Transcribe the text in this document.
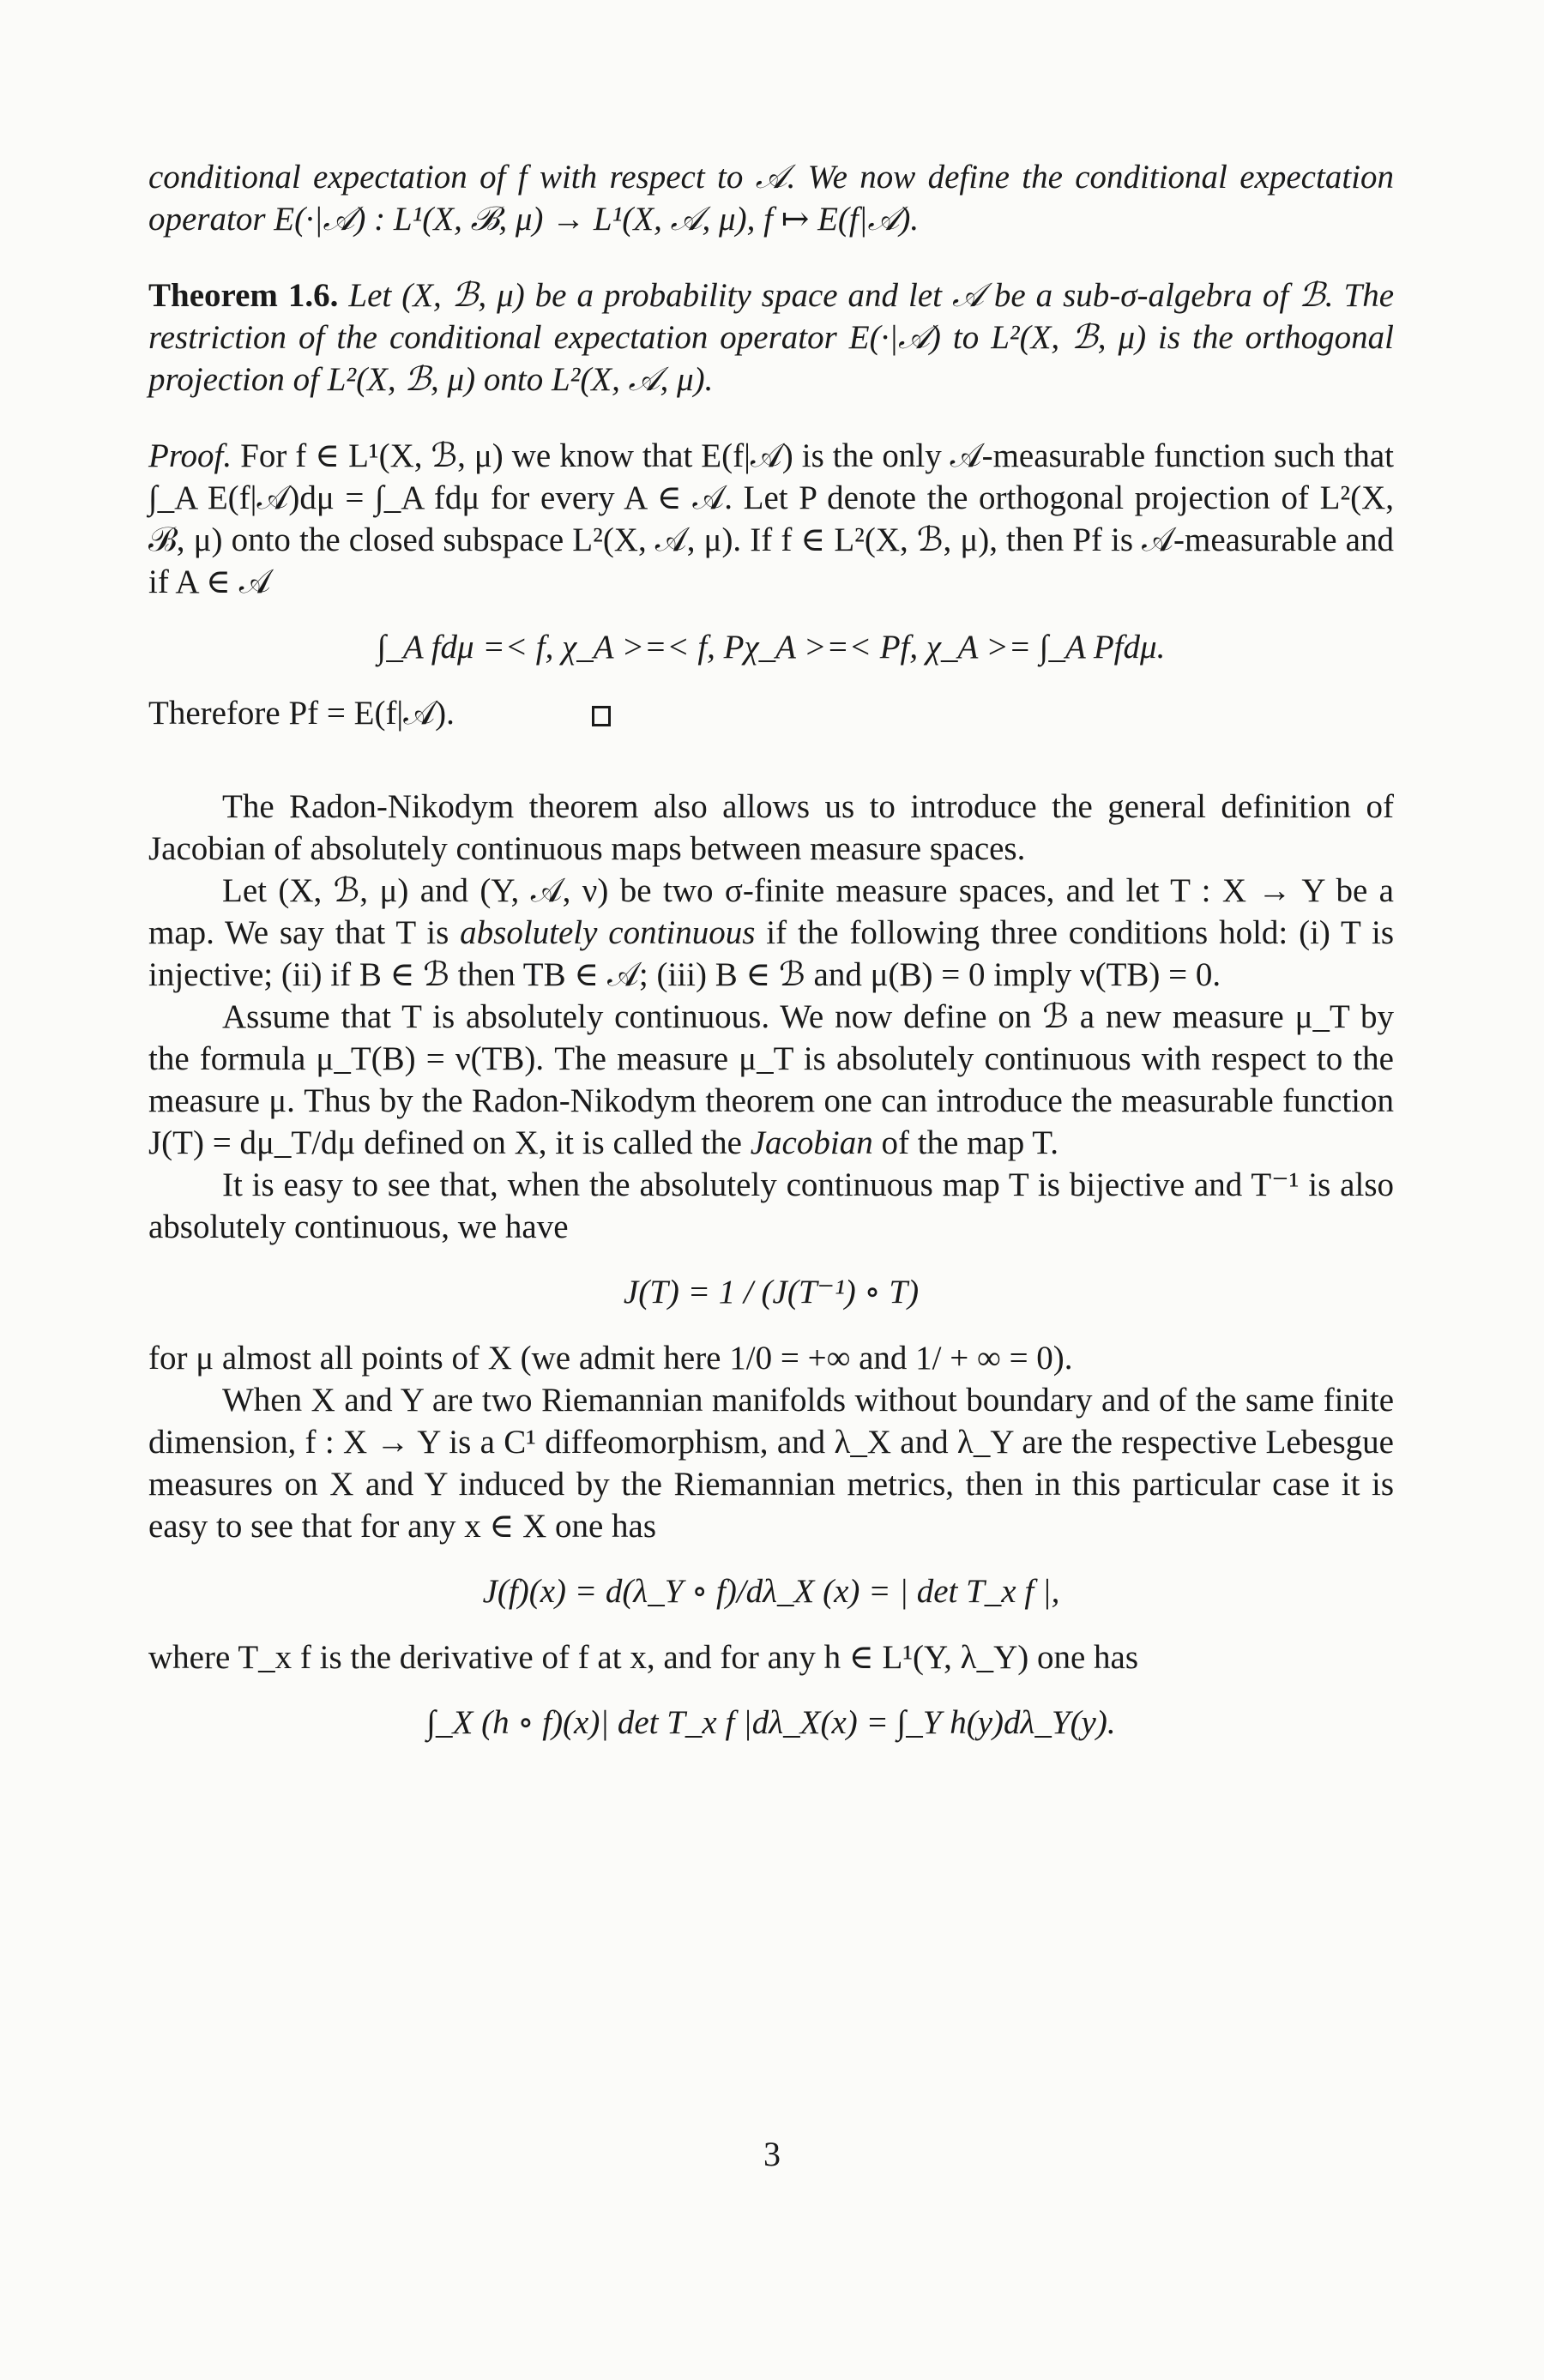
conditional expectation of f with respect to 𝒜. We now define the conditional expectation operator E(·|𝒜) : L¹(X, ℬ, μ) → L¹(X, 𝒜, μ), f ↦ E(f|𝒜).

Theorem 1.6. Let (X, ℬ, μ) be a probability space and let 𝒜 be a sub-σ-algebra of ℬ. The restriction of the conditional expectation operator E(·|𝒜) to L²(X, ℬ, μ) is the orthogonal projection of L²(X, ℬ, μ) onto L²(X, 𝒜, μ).

Proof. For f ∈ L¹(X, ℬ, μ) we know that E(f|𝒜) is the only 𝒜-measurable function such that ∫_A E(f|𝒜)dμ = ∫_A fdμ for every A ∈ 𝒜. Let P denote the orthogonal projection of L²(X, ℬ, μ) onto the closed subspace L²(X, 𝒜, μ). If f ∈ L²(X, ℬ, μ), then Pf is 𝒜-measurable and if A ∈ 𝒜

∫_A fdμ =< f, χ_A >=< f, Pχ_A >=< Pf, χ_A >= ∫_A Pfdμ.

Therefore Pf = E(f|𝒜).

The Radon-Nikodym theorem also allows us to introduce the general definition of Jacobian of absolutely continuous maps between measure spaces.

Let (X, ℬ, μ) and (Y, 𝒜, ν) be two σ-finite measure spaces, and let T : X → Y be a map. We say that T is absolutely continuous if the following three conditions hold: (i) T is injective; (ii) if B ∈ ℬ then TB ∈ 𝒜; (iii) B ∈ ℬ and μ(B) = 0 imply ν(TB) = 0.

Assume that T is absolutely continuous. We now define on ℬ a new measure μ_T by the formula μ_T(B) = ν(TB). The measure μ_T is absolutely continuous with respect to the measure μ. Thus by the Radon-Nikodym theorem one can introduce the measurable function J(T) = dμ_T/dμ defined on X, it is called the Jacobian of the map T.

It is easy to see that, when the absolutely continuous map T is bijective and T⁻¹ is also absolutely continuous, we have

J(T) = 1 / (J(T⁻¹) ∘ T)

for μ almost all points of X (we admit here 1/0 = +∞ and 1/ + ∞ = 0).

When X and Y are two Riemannian manifolds without boundary and of the same finite dimension, f : X → Y is a C¹ diffeomorphism, and λ_X and λ_Y are the respective Lebesgue measures on X and Y induced by the Riemannian metrics, then in this particular case it is easy to see that for any x ∈ X one has

J(f)(x) = d(λ_Y ∘ f)/dλ_X (x) = | det T_x f |,

where T_x f is the derivative of f at x, and for any h ∈ L¹(Y, λ_Y) one has

∫_X (h ∘ f)(x)| det T_x f |dλ_X(x) = ∫_Y h(y)dλ_Y(y).
3
